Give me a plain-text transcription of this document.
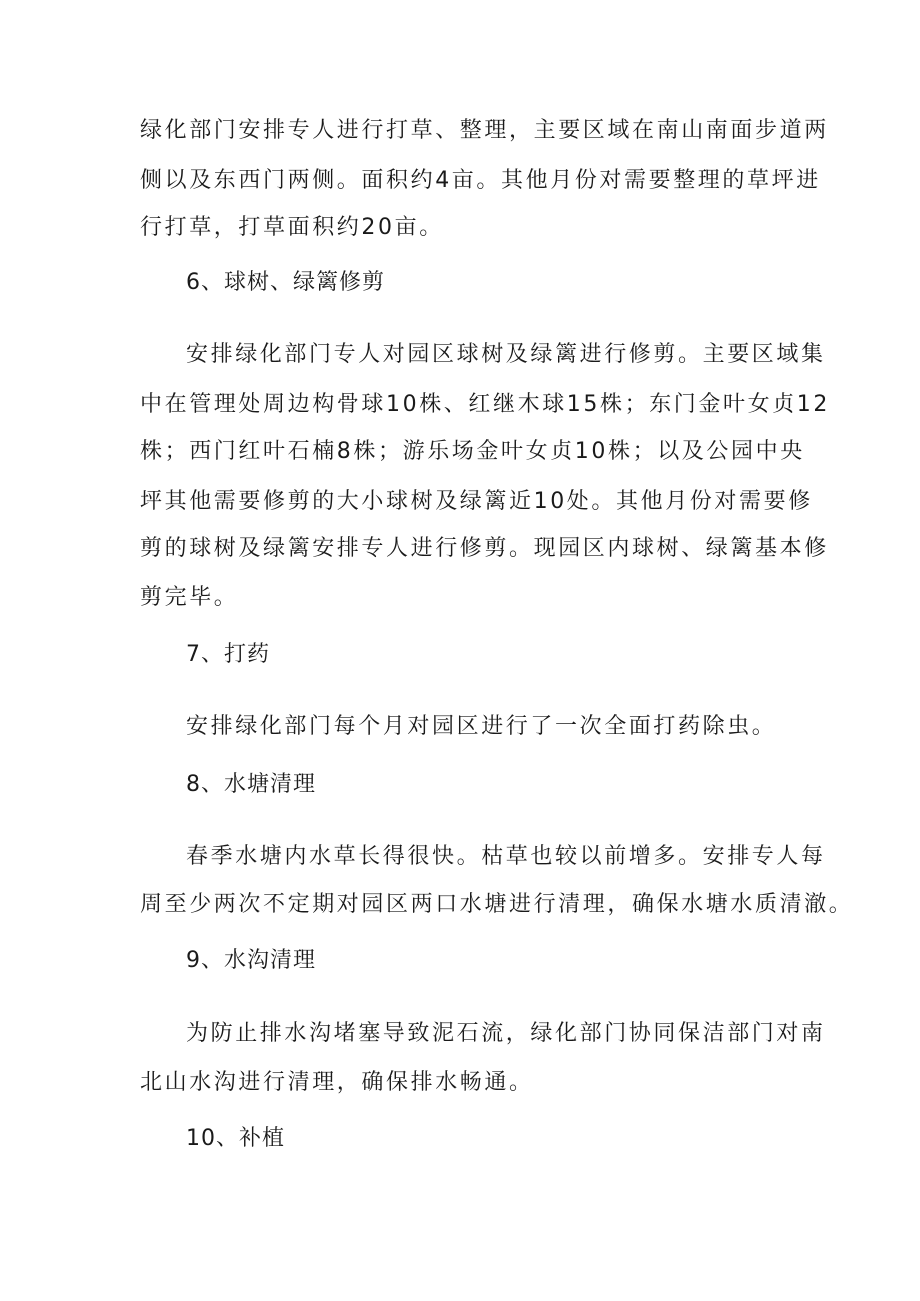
绿化部门安排专人进行打草、整理，主要区域在南山南面步道两
侧以及东西门两侧。面积约4亩。其他月份对需要整理的草坪进
行打草，打草面积约20亩。
6、球树、绿篱修剪
安排绿化部门专人对园区球树及绿篱进行修剪。主要区域集
中在管理处周边构骨球10株、红继木球15株；东门金叶女贞12
株；西门红叶石楠8株；游乐场金叶女贞10株；以及公园中央
坪其他需要修剪的大小球树及绿篱近10处。其他月份对需要修
剪的球树及绿篱安排专人进行修剪。现园区内球树、绿篱基本修
剪完毕。
7、打药
安排绿化部门每个月对园区进行了一次全面打药除虫。
8、水塘清理
春季水塘内水草长得很快。枯草也较以前增多。安排专人每
周至少两次不定期对园区两口水塘进行清理，确保水塘水质清澈。
9、水沟清理
为防止排水沟堵塞导致泥石流，绿化部门协同保洁部门对南
北山水沟进行清理，确保排水畅通。
10、补植
